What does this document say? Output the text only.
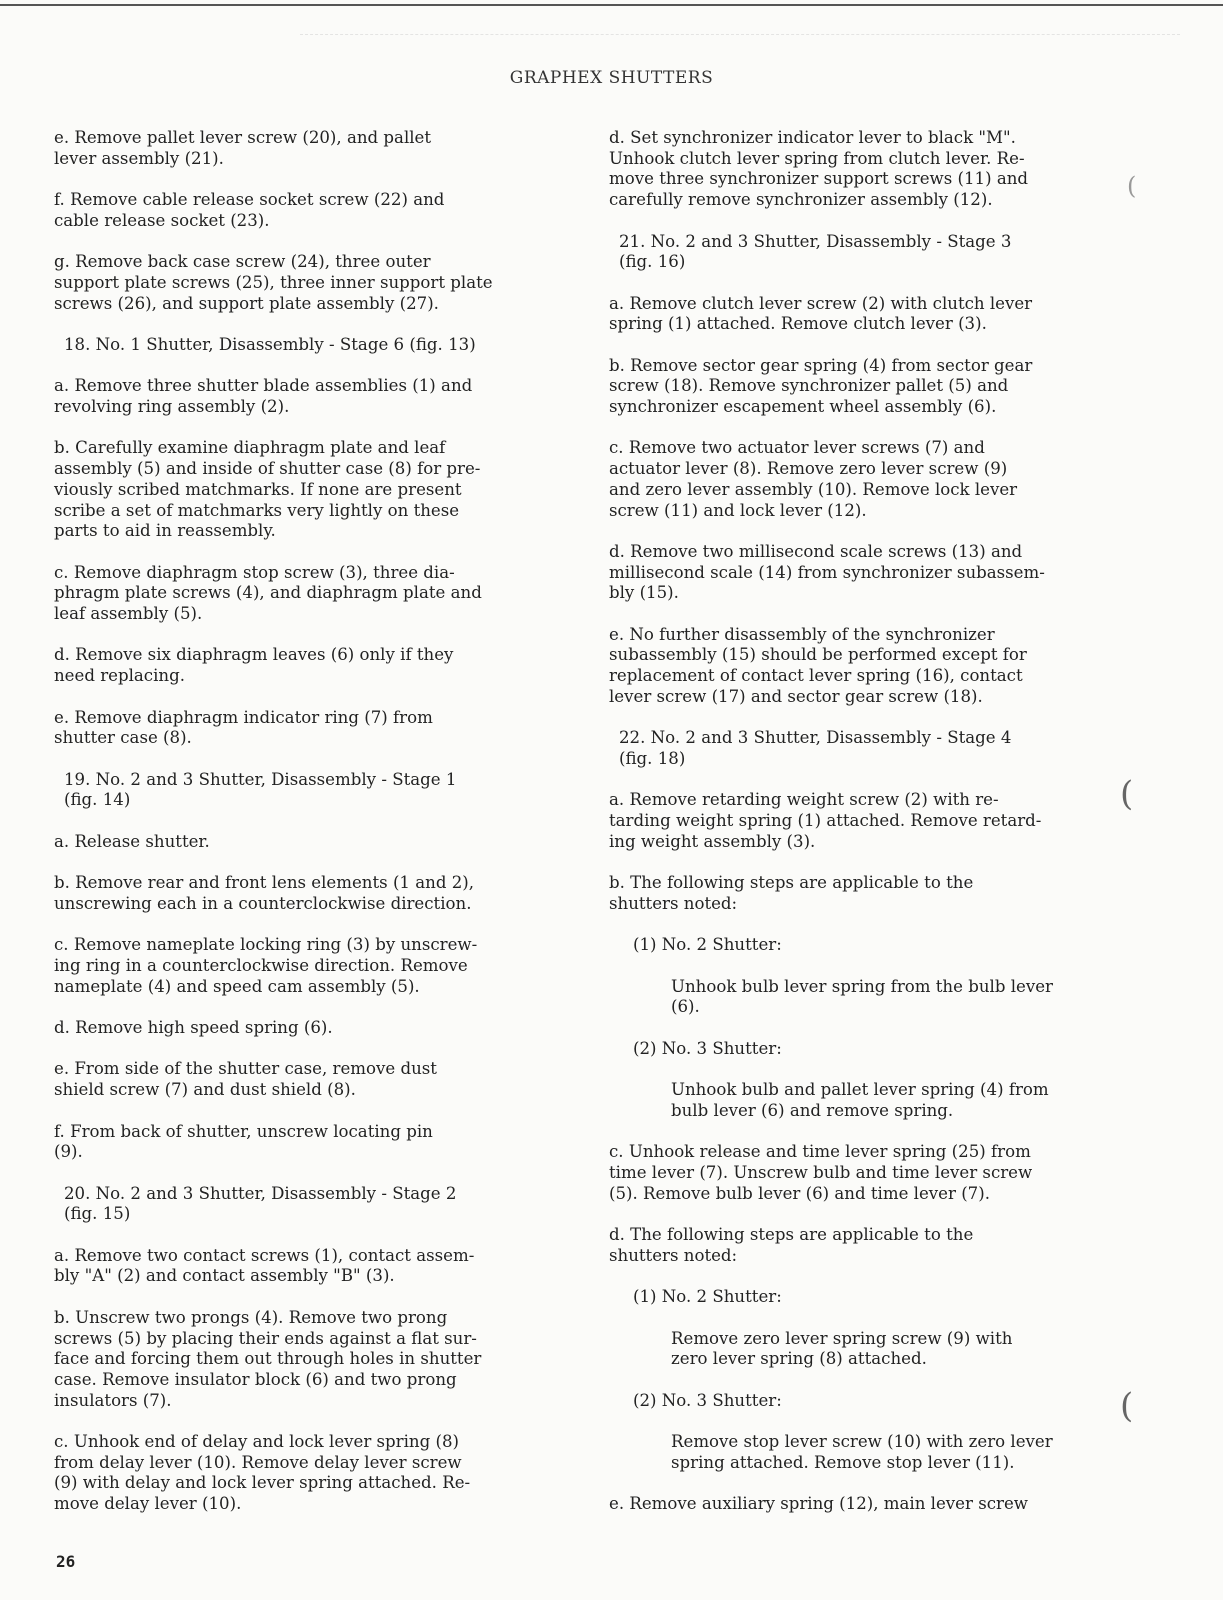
GRAPHEX SHUTTERS
e. Remove pallet lever screw (20), and pallet
lever assembly (21).
f. Remove cable release socket screw (22) and
cable release socket (23).
g. Remove back case screw (24), three outer
support plate screws (25), three inner support plate
screws (26), and support plate assembly (27).
18. No. 1 Shutter, Disassembly - Stage 6 (fig. 13)
a. Remove three shutter blade assemblies (1) and
revolving ring assembly (2).
b. Carefully examine diaphragm plate and leaf
assembly (5) and inside of shutter case (8) for pre-
viously scribed matchmarks. If none are present
scribe a set of matchmarks very lightly on these
parts to aid in reassembly.
c. Remove diaphragm stop screw (3), three dia-
phragm plate screws (4), and diaphragm plate and
leaf assembly (5).
d. Remove six diaphragm leaves (6) only if they
need replacing.
e. Remove diaphragm indicator ring (7) from
shutter case (8).
19. No. 2 and 3 Shutter, Disassembly - Stage 1
(fig. 14)
a. Release shutter.
b. Remove rear and front lens elements (1 and 2),
unscrewing each in a counterclockwise direction.
c. Remove nameplate locking ring (3) by unscrew-
ing ring in a counterclockwise direction. Remove
nameplate (4) and speed cam assembly (5).
d. Remove high speed spring (6).
e. From side of the shutter case, remove dust
shield screw (7) and dust shield (8).
f. From back of shutter, unscrew locating pin
(9).
20. No. 2 and 3 Shutter, Disassembly - Stage 2
(fig. 15)
a. Remove two contact screws (1), contact assem-
bly "A" (2) and contact assembly "B" (3).
b. Unscrew two prongs (4). Remove two prong
screws (5) by placing their ends against a flat sur-
face and forcing them out through holes in shutter
case. Remove insulator block (6) and two prong
insulators (7).
c. Unhook end of delay and lock lever spring (8)
from delay lever (10). Remove delay lever screw
(9) with delay and lock lever spring attached. Re-
move delay lever (10).
d. Set synchronizer indicator lever to black "M".
Unhook clutch lever spring from clutch lever. Re-
move three synchronizer support screws (11) and
carefully remove synchronizer assembly (12).
21. No. 2 and 3 Shutter, Disassembly - Stage 3
(fig. 16)
a. Remove clutch lever screw (2) with clutch lever
spring (1) attached. Remove clutch lever (3).
b. Remove sector gear spring (4) from sector gear
screw (18). Remove synchronizer pallet (5) and
synchronizer escapement wheel assembly (6).
c. Remove two actuator lever screws (7) and
actuator lever (8). Remove zero lever screw (9)
and zero lever assembly (10). Remove lock lever
screw (11) and lock lever (12).
d. Remove two millisecond scale screws (13) and
millisecond scale (14) from synchronizer subassem-
bly (15).
e. No further disassembly of the synchronizer
subassembly (15) should be performed except for
replacement of contact lever spring (16), contact
lever screw (17) and sector gear screw (18).
22. No. 2 and 3 Shutter, Disassembly - Stage 4
(fig. 18)
a. Remove retarding weight screw (2) with re-
tarding weight spring (1) attached. Remove retard-
ing weight assembly (3).
b. The following steps are applicable to the
shutters noted:
(1) No. 2 Shutter:
Unhook bulb lever spring from the bulb lever
(6).
(2) No. 3 Shutter:
Unhook bulb and pallet lever spring (4) from
bulb lever (6) and remove spring.
c. Unhook release and time lever spring (25) from
time lever (7). Unscrew bulb and time lever screw
(5). Remove bulb lever (6) and time lever (7).
d. The following steps are applicable to the
shutters noted:
(1) No. 2 Shutter:
Remove zero lever spring screw (9) with
zero lever spring (8) attached.
(2) No. 3 Shutter:
Remove stop lever screw (10) with zero lever
spring attached. Remove stop lever (11).
e. Remove auxiliary spring (12), main lever screw
26
(
(
(
